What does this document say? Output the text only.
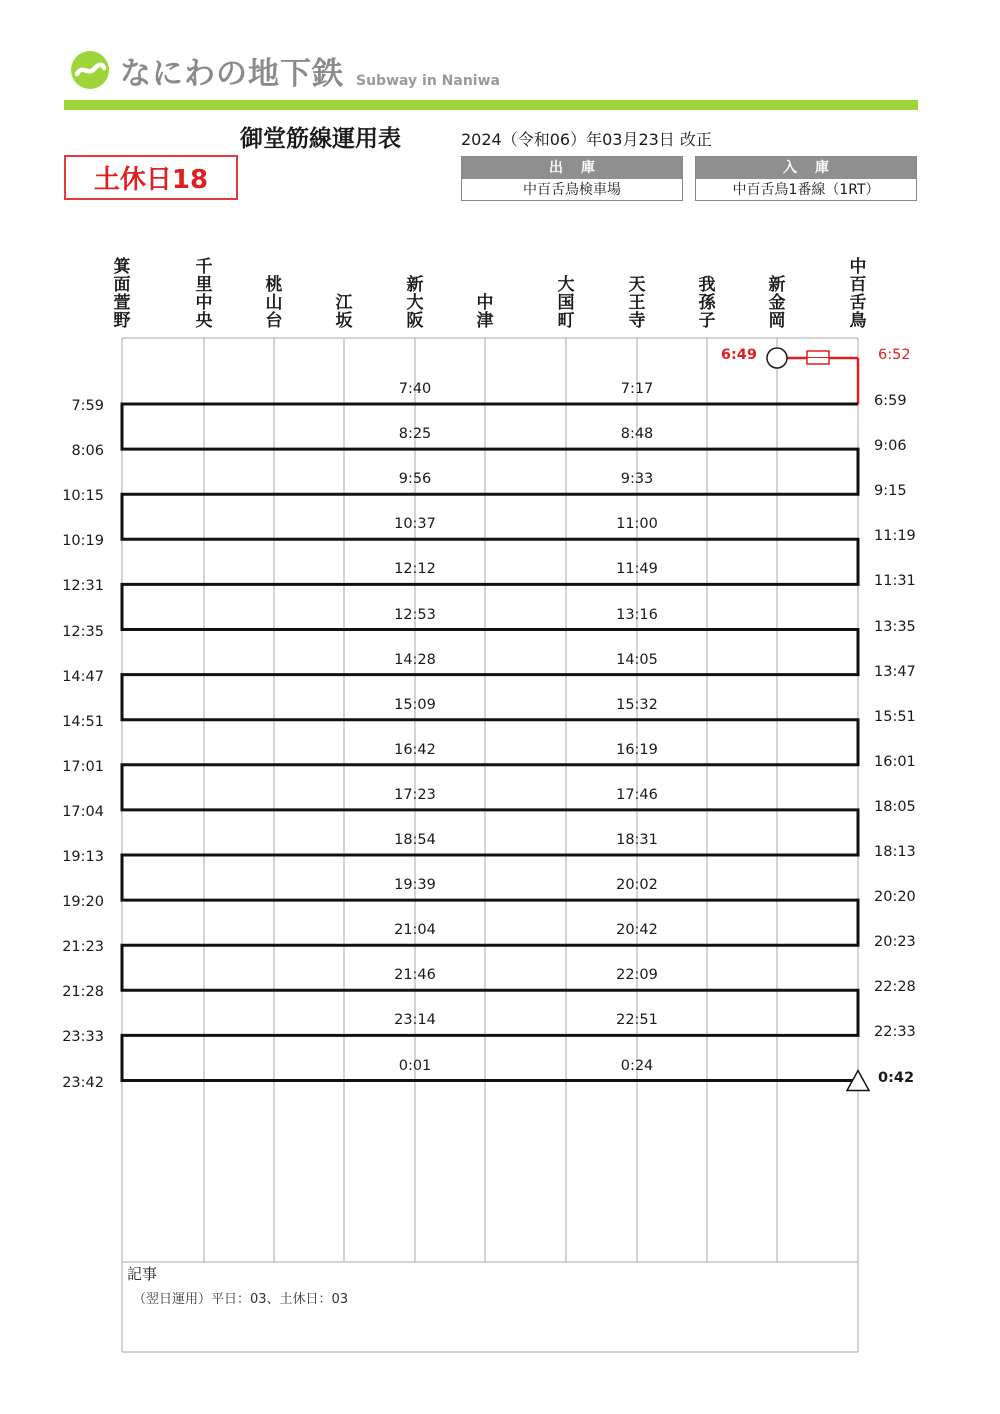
なにわの地下鉄 Subway in Naniwa
御堂筋線運用表	2024（令和06）年03月23日 改正
土休日18	出庫
中百舌鳥検車場
入庫
中百舌鳥1番線（1RT）
箕
面
萱
野
千
里
中
央
桃
山
台
江
坂
新
大
阪
中
津
大
国
町
天
王
寺
我
孫
子
新
金
岡
中
百
舌
鳥
6:49	6:52
7:59
7:40	7:17
6:59
8:06
8:25	8:48
9:06
10:15
9:56	9:33
9:15
10:19
10:37	11:00
11:19
12:31
12:12	11:49
11:31
12:35
12:53	13:16
13:35
14:47
14:28	14:05
13:47
14:51
15:09	15:32
15:51
17:01
16:42	16:19
16:01
17:04
17:23	17:46
18:05
19:13
18:54	18:31
18:13
19:20
19:39	20:02
20:20
21:23
21:04	20:42
20:23
21:28
21:46	22:09
22:28
23:33
23:14	22:51
22:33
23:42
0:01	0:24
0:42
記事
（翌日運用）平日：03、土休日：03
